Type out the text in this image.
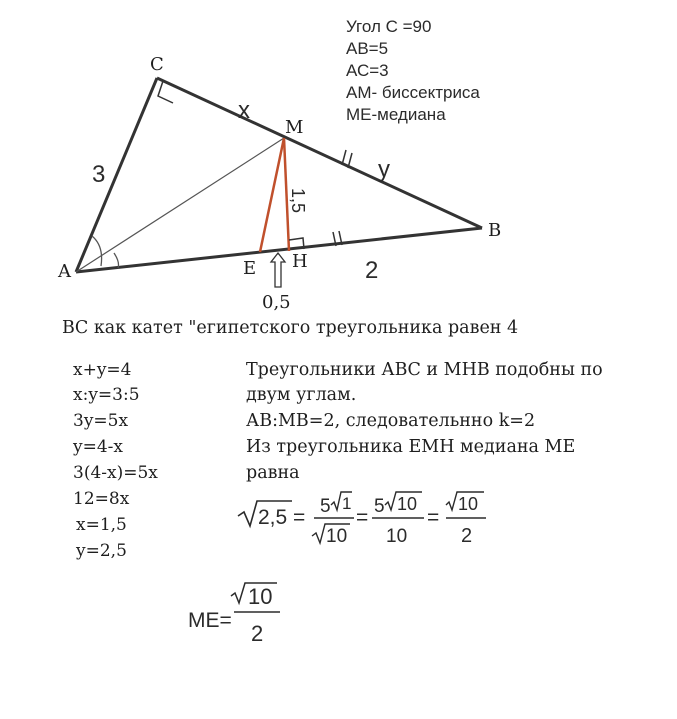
Угол С =90
АВ=5
АС=3
АМ- биссектриса
МЕ-медиана
A
C
M
B
E H
3
x
y
2
1,5
0,5
ВС как катет "египетского треугольника равен 4
x+y=4
x:y=3:5
3y=5x
y=4-x
3(4-x)=5x
12=8x
x=1,5
y=2,5
Треугольники АВС и МНВ подобны по
двум углам.
АВ:МВ=2, следовательнно k=2
Из треугольника ЕМН медиана МЕ
равна
2,5 = 5 1
10
= 5 10
10
=
10
2
МЕ=
10
2
